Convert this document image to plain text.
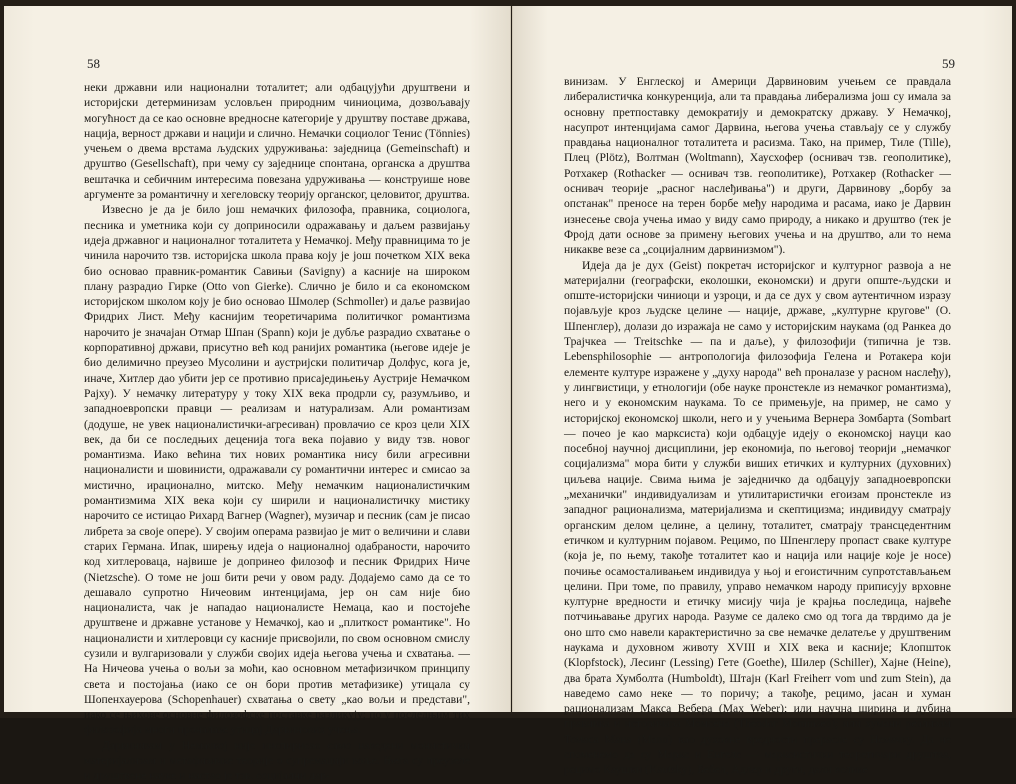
58

неки државни или национални тоталитет; али одбацујући друштвени и историјски детерминизам условљен природним чиниоцима, дозвољавају могућност да се као основне вредносне категорије у друштву поставе држава, нација, верност држави и нацији и слично. Немачки социолог Тенис (Tönnies) учењем о двема врстама људских удруживања: заједница (Gemeinschaft) и друштво (Gesellschaft), при чему су заједнице спонтана, органска а друштва вештачка и себичним интересима повезана удруживања — конструише нове аргументе за романтичну и хегеловску теорију органског, целовитог, друштва.

Извесно је да је било још немачких филозофа, правника, социолога, песника и уметника који су доприносили одражавању и даљем развијању идеја државног и националног тоталитета у Немачкој. Међу правницима то је чинила нарочито тзв. историјска школа права коју је још почетком XIX века био основао правник-романтик Савињи (Savigny) а касније на широком плану разрадио Гирке (Otto von Gierke). Слично је било и са економском историјском школом коју је био основао Шмолер (Schmoller) и даље развијао Фридрих Лист. Међу каснијим теоретичарима политичког романтизма нарочито је значајан Отмар Шпан (Spann) који је дубље разрадио схватање о корпоративној држави, присутно већ код ранијих романтика (његове идеје је био делимично преузео Мусолини и аустријски политичар Долфус, кога је, иначе, Хитлер дао убити јер се противио присаједињењу Аустрије Немачком Рајху). У немачку литературу у току XIX века продрли су, разумљиво, и западноевропски правци — реализам и натурализам. Али романтизам (додуше, не увек националистички-агресиван) провлачио се кроз цели XIX век, да би се последњих деценија тога века појавио у виду тзв. новог романтизма. Иако већина тих нових романтика нису били агресивни националисти и шовинисти, одражавали су романтични интерес и смисао за мистично, ирационално, митско. Међу немачким националистичким романтизмима XIX века који су ширили и националистичку мистику нарочито се истицао Рихард Вагнер (Wagner), музичар и песник (сам је писао либрета за своје опере). У својим операма развијао је мит о величини и слави старих Германа. Ипак, ширењу идеја о националној одабраности, нарочито код хитлероваца, највише је допринео филозоф и песник Фридрих Ниче (Nietzsche). О томе не још бити речи у овом раду. Додајемо само да се то дешавало супротно Ничеовим интенцијама, јер он сам није био националиста, чак је нападао националисте Немаца, као и постојеће друштвене и државне установе у Немачкој, као и „плиткост романтике". Но националисти и хитлеровци су касније присвојили, по свом основном смислу сузили и вулгаризовали у служби својих идеја његова учења и схватања. — На Ничеова учења о вољи за моћи, као основном метафизичком принципу света и постојања (иако се он бори против метафизике) утицала су Шопенхауерова (Schopenhauer) схватања о свету „као вољи и представи", иако се њихове основне филозофске поставке разликују; по у последњим тих филозофија многи проналазе утицај Дарвинових учења.

Дарвинизам у Немачкој није инспирисао само наведени монистички материјализам и метафизичке теорије о супремацији воље. Њега су преузеле и друштвене науке и настао је тзв. социјални дар-

59

винизам. У Енглеској и Америци Дарвиновим учењем се правдала либералистичка конкуренција, али та правдања либерализма још су имала за основну претпоставку демократију и демократску државу. У Немачкој, насупрот интенцијама самог Дарвина, његова учења стављају се у службу правдања националног тоталитета и расизма. Тако, на пример, Тиле (Tille), Плец (Plötz), Волтман (Woltmann), Хаусхофер (оснивач тзв. геополитике), Ротхакер (Rothacker — оснивач тзв. геополитике), Ротхакер (Rothacker — оснивач теорије „расног наслеђивања") и други, Дарвинову „борбу за опстанак" преносе на терен борбе међу народима и расама, иако је Дарвин изнесење своја учења имао у виду само природу, а никако и друштво (тек је Фрoјд дати основе за примену његових учења и на друштво, али то нема никакве везе са „социјалним дарвинизмом").

Идеја да је дух (Geist) покретач историјског и културног развоја а не материјални (географски, еколошки, економски) и други опште-људски и опште-историјски чиниоци и узроци, и да се дух у свом аутентичном изразу појављује кроз људске целине — нације, државе, „културне кругове" (О. Шпенглер), долази до изражаја не само у историјским наукама (од Ранкеа до Трајчкеа — Treitschke — па и даље), у филозофији (типична је тзв. Lebensphilosophie — антропологија филозофија Гелена и Ротакера који елементе културе изражене у „духу народа" већ проналазе у расном наслеђу), у лингвистици, у етнологији (обе науке пронстекле из немачког романтизма), него и у економским наукама. То се примењује, на пример, не само у историјској економској школи, него и у учењима Вернера Зомбарта (Sombart — почео је као марксиста) који одбацује идеју о економској науци као посебној научној дисциплини, јер економија, по његовој теорији „немачког социјализма" мора бити у служби виших етичких и културних (духовних) циљева нације. Свима њима је заједничко да одбацују западноевропски „механички" индивидуализам и утилитаристички егоизам пронстекле из западног рационализма, материјализма и скептицизма; индивидуу сматрају органским делом целине, а целину, тоталитет, сматрају трансцедентним етичком и културним појавом. Рецимо, по Шпенглеру пропаст сваке културе (која је, по њему, такође тоталитет као и нација или нације које је носе) почиње осамосталивањем индивидуа у њој и егоистичним супротстављањем целини. При томе, по правилу, управо немачком народу приписују врховне културне вредности и етичку мисију чија је крајња последица, највеће потчињавање других народа. Разуме се далеко смо од тога да тврдимо да је оно што смо навели карактеристично за све немачке делатеље у друштвеним наукама и духовном животу XVIII и XIX века и касније; Клопшток (Klopfstock), Лесинг (Lessing) Гете (Goethe), Шилер (Schiller), Хајне (Heine), два брата Хумболта (Humboldt), Штајн (Karl Freiherr vom und zum Stein), да наведемо само неке — то поричу; а такође, рецимо, јасан и хуман рационализам Макса Вебера (Max Weber); или научна ширина и дубина правника и историчара Момсена (Theodor Mommsen); или хумани реализам Томаса Мана (Mann) као духовне вредности прерасле су Немачку. Да не споменемо да су Маркс и Енгелс — марксистички теоретичари друштва, рецимо Каушки (Kautsky), Бебел, Адлер и други, дали велике
